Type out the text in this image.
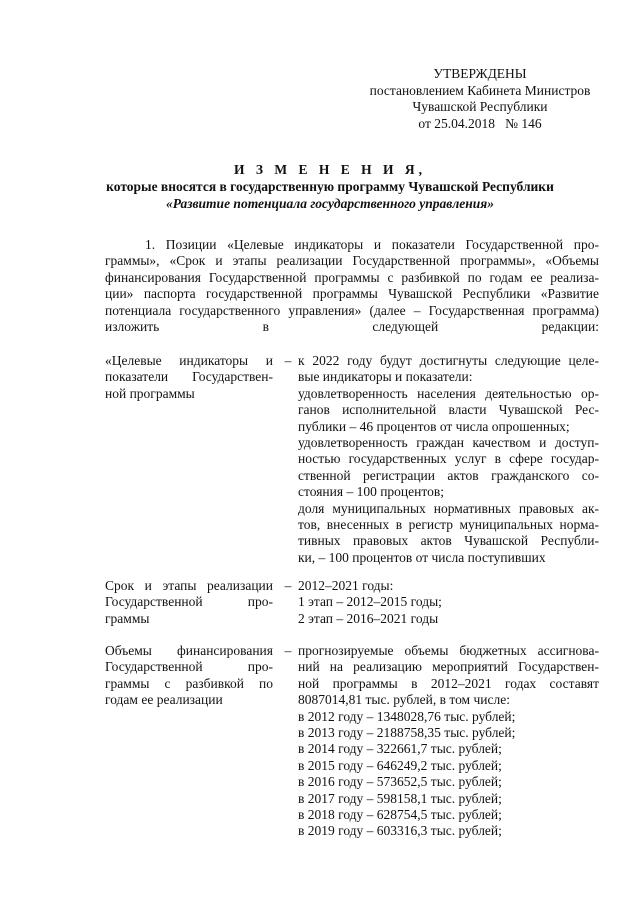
УТВЕРЖДЕНЫ
постановлением Кабинета Министров
Чувашской Республики
от 25.04.2018   № 146
И З М Е Н Е Н И Я,
которые вносятся в государственную программу Чувашской Республики
«Развитие потенциала государственного управления»
1. Позиции «Целевые индикаторы и показатели Государственной про-
граммы», «Срок и этапы реализации Государственной программы», «Объемы
финансирования Государственной программы с разбивкой по годам ее реализа-
ции» паспорта государственной программы Чувашской Республики «Развитие
потенциала государственного управления» (далее – Государственная программа)
изложить в следующей редакции:
«Целевые индикаторы и
показатели Государствен-
ной программы
– к 2022 году будут достигнуты следующие целе-
вые индикаторы и показатели:
удовлетворенность населения деятельностью ор-
ганов исполнительной власти Чувашской Рес-
публики – 46 процентов от числа опрошенных;
удовлетворенность граждан качеством и доступ-
ностью государственных услуг в сфере государ-
ственной регистрации актов гражданского со-
стояния – 100 процентов;
доля муниципальных нормативных правовых ак-
тов, внесенных в регистр муниципальных норма-
тивных правовых актов Чувашской Республи-
ки, – 100 процентов от числа поступивших
Срок и этапы реализации
Государственной          про-
граммы
– 2012–2021 годы:
1 этап – 2012–2015 годы;
2 этап – 2016–2021 годы
Объемы финансирования
Государственной          про-
граммы с разбивкой по
годам ее реализации
– прогнозируемые объемы бюджетных ассигнова-
ний на реализацию мероприятий Государствен-
ной программы в 2012–2021 годах составят
8087014,81 тыс. рублей, в том числе:
в 2012 году – 1348028,76 тыс. рублей;
в 2013 году – 2188758,35 тыс. рублей;
в 2014 году – 322661,7 тыс. рублей;
в 2015 году – 646249,2 тыс. рублей;
в 2016 году – 573652,5 тыс. рублей;
в 2017 году – 598158,1 тыс. рублей;
в 2018 году – 628754,5 тыс. рублей;
в 2019 году – 603316,3 тыс. рублей;
